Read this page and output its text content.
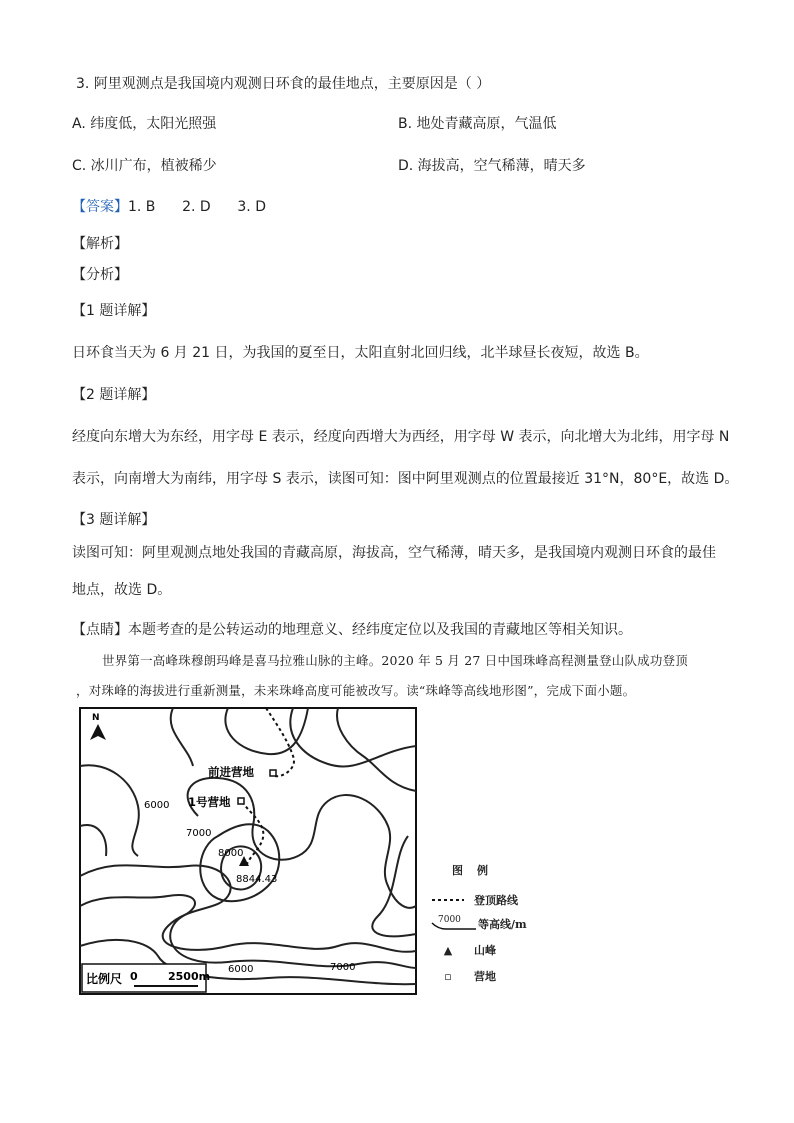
3. 阿里观测点是我国境内观测日环食的最佳地点，主要原因是（ ）
A. 纬度低，太阳光照强	B. 地处青藏高原，气温低
C. 冰川广布，植被稀少	D. 海拔高，空气稀薄，晴天多
【答案】1. B      2. D      3. D
【解析】
【分析】
【1 题详解】
日环食当天为 6 月 21 日，为我国的夏至日，太阳直射北回归线，北半球昼长夜短，故选 B。
【2 题详解】
经度向东增大为东经，用字母 E 表示，经度向西增大为西经，用字母 W 表示，向北增大为北纬，用字母 N
表示，向南增大为南纬，用字母 S 表示，读图可知：图中阿里观测点的位置最接近 31°N，80°E，故选 D。
【3 题详解】
读图可知：阿里观测点地处我国的青藏高原，海拔高，空气稀薄，晴天多，是我国境内观测日环食的最佳
地点，故选 D。
【点睛】本题考查的是公转运动的地理意义、经纬度定位以及我国的青藏地区等相关知识。
世界第一高峰珠穆朗玛峰是喜马拉雅山脉的主峰。2020 年 5 月 27 日中国珠峰高程测量登山队成功登顶
，对珠峰的海拔进行重新测量，未来珠峰高度可能被改写。读“珠峰等高线地形图”，完成下面小题。
N
前进营地
1号营地
6000
7000
8000
8844.43
6000	7000
比例尺 0	2500m
图例
登顶路线
7000 等高线/m
▲	山峰
▫	营地
